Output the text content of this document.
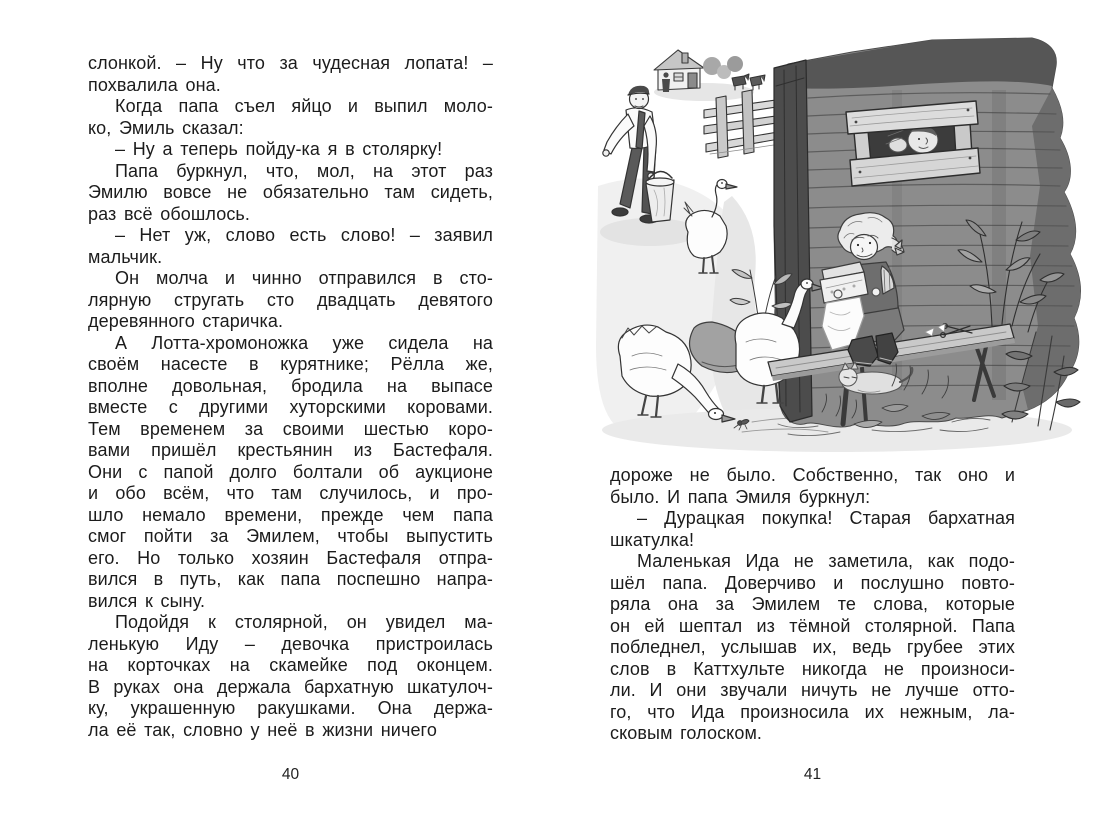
слонкой. – Ну что за чудесная лопата! –
похвалила она.
Когда папа съел яйцо и выпил моло-
ко, Эмиль сказал:
– Ну а теперь пойду-ка я в столярку!
Папа буркнул, что, мол, на этот раз
Эмилю вовсе не обязательно там сидеть,
раз всё обошлось.
– Нет уж, слово есть слово! – заявил
мальчик.
Он молча и чинно отправился в сто-
лярную стругать сто двадцать девятого
деревянного старичка.
А Лотта-хромоножка уже сидела на
своём насесте в курятнике; Рёлла же,
вполне довольная, бродила на выпасе
вместе с другими хуторскими коровами.
Тем временем за своими шестью коро-
вами пришёл крестьянин из Бастефаля.
Они с папой долго болтали об аукционе
и обо всём, что там случилось, и про-
шло немало времени, прежде чем папа
смог пойти за Эмилем, чтобы выпустить
его. Но только хозяин Бастефаля отпра-
вился в путь, как папа поспешно напра-
вился к сыну.
Подойдя к столярной, он увидел ма-
ленькую Иду – девочка пристроилась
на корточках на скамейке под оконцем.
В руках она держала бархатную шкатулоч-
ку, украшенную ракушками. Она держа-
ла её так, словно у неё в жизни ничего
40
дороже не было. Собственно, так оно и
было. И папа Эмиля буркнул:
– Дурацкая покупка! Старая бархатная
шкатулка!
Маленькая Ида не заметила, как подо-
шёл папа. Доверчиво и послушно повто-
ряла она за Эмилем те слова, которые
он ей шептал из тёмной столярной. Папа
побледнел, услышав их, ведь грубее этих
слов в Каттхульте никогда не произноси-
ли. И они звучали ничуть не лучше отто-
го, что Ида произносила их нежным, ла-
сковым голоском.
41
